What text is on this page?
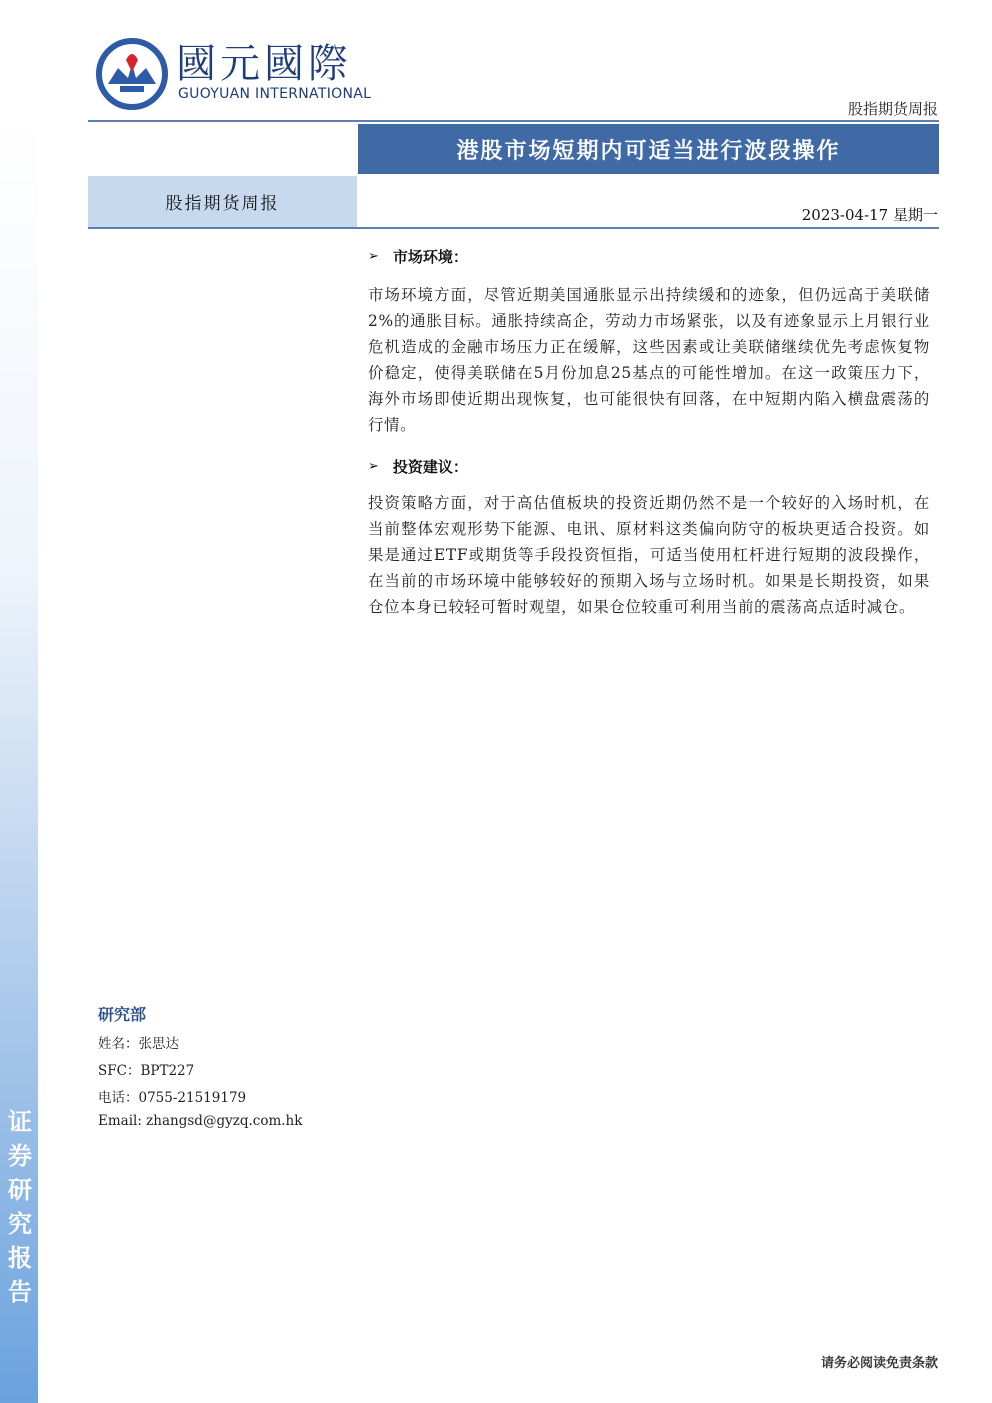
证
券
研
究
报
告
國元國際
GUOYUAN INTERNATIONAL
股指期货周报
港股市场短期内可适当进行波段操作
股指期货周报
2023-04-17 星期一
➢ 市场环境：
市场环境方面，尽管近期美国通胀显示出持续缓和的迹象，但仍远高于美联储2%的通胀目标。通胀持续高企，劳动力市场紧张，以及有迹象显示上月银行业危机造成的金融市场压力正在缓解，这些因素或让美联储继续优先考虑恢复物价稳定，使得美联储在5月份加息25基点的可能性增加。在这一政策压力下，海外市场即使近期出现恢复，也可能很快有回落，在中短期内陷入横盘震荡的行情。
➢ 投资建议：
投资策略方面，对于高估值板块的投资近期仍然不是一个较好的入场时机，在当前整体宏观形势下能源、电讯、原材料这类偏向防守的板块更适合投资。如果是通过ETF或期货等手段投资恒指，可适当使用杠杆进行短期的波段操作，在当前的市场环境中能够较好的预期入场与立场时机。如果是长期投资，如果仓位本身已较轻可暂时观望，如果仓位较重可利用当前的震荡高点适时减仓。
研究部
姓名：张思达
SFC：BPT227
电话：0755-21519179
Email: zhangsd@gyzq.com.hk
请务必阅读免责条款
